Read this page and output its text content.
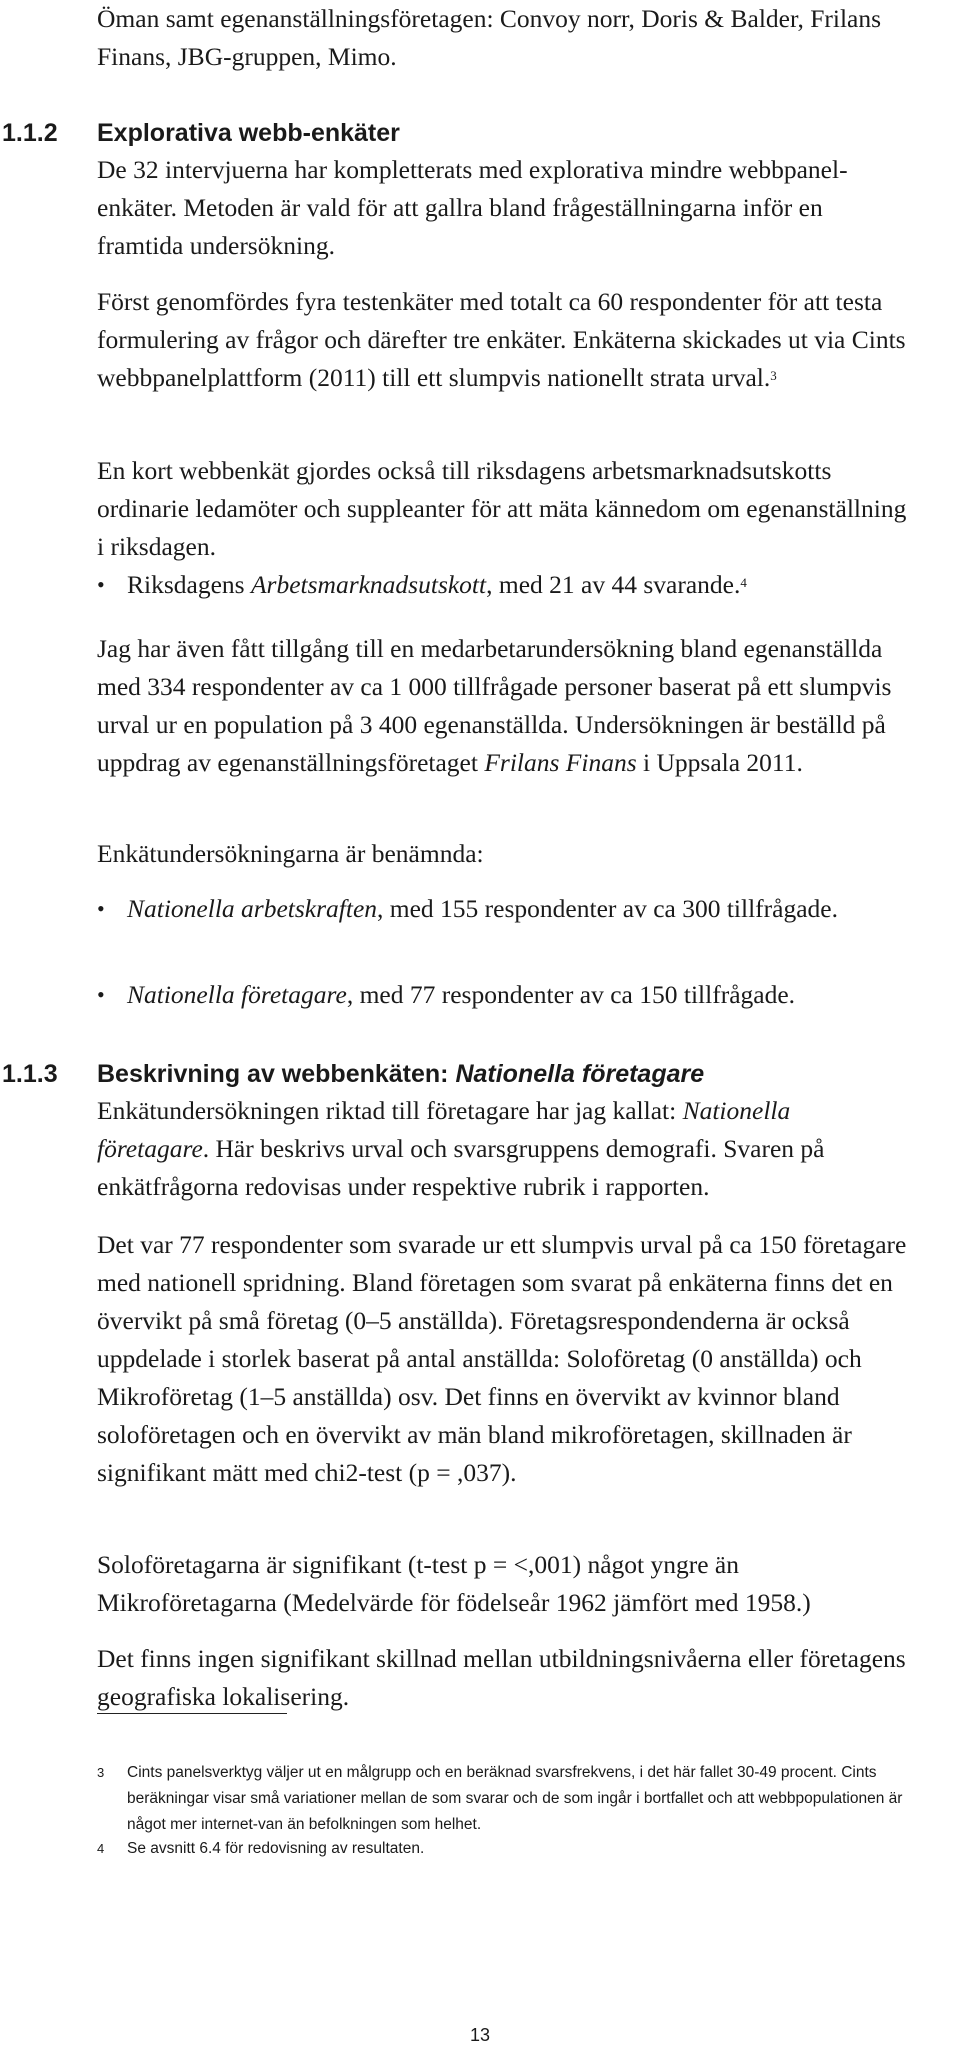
Öman samt egenanställningsföretagen: Convoy norr, Doris & Balder, Frilans Finans, JBG-gruppen, Mimo.

1.1.2 Explorativa webb-enkäter

De 32 intervjuerna har kompletterats med explorativa mindre webbpanel-enkäter. Metoden är vald för att gallra bland frågeställningarna inför en framtida undersökning.

Först genomfördes fyra testenkäter med totalt ca 60 respondenter för att testa formulering av frågor och därefter tre enkäter. Enkäterna skickades ut via Cints webbpanelplattform (2011) till ett slumpvis nationellt strata urval.$^3$

En kort webbenkät gjordes också till riksdagens arbetsmarknadsutskotts ordinarie ledamöter och suppleanter för att mäta kännedom om egenanställning i riksdagen.

• Riksdagens Arbetsmarknadsutskott, med 21 av 44 svarande.$^4$

Jag har även fått tillgång till en medarbetarundersökning bland egenanställda med 334 respondenter av ca 1 000 tillfrågade personer baserat på ett slumpvis urval ur en population på 3 400 egenanställda. Undersökningen är beställd på uppdrag av egenanställningsföretaget Frilans Finans i Uppsala 2011.

Enkätundersökningarna är benämnda:

• Nationella arbetskraften, med 155 respondenter av ca 300 tillfrågade.
• Nationella företagare, med 77 respondenter av ca 150 tillfrågade.
1.1.3 Beskrivning av webbenkäten: Nationella företagare

Enkätundersökningen riktad till företagare har jag kallat: Nationella företagare. Här beskrivs urval och svarsgruppens demografi. Svaren på enkätfrågorna redovisas under respektive rubrik i rapporten.

Det var 77 respondenter som svarade ur ett slumpvis urval på ca 150 företagare med nationell spridning. Bland företagen som svarat på enkäterna finns det en övervikt på små företag (0–5 anställda). Företagsrespondenderna är också uppdelade i storlek baserat på antal anställda: Soloföretag (0 anställda) och Mikroföretag (1–5 anställda) osv. Det finns en övervikt av kvinnor bland soloföretagen och en övervikt av män bland mikroföretagen, skillnaden är signifikant mätt med chi2-test (p = ,037).

Soloföretagarna är signifikant (t-test p = <,001) något yngre än Mikroföretagarna (Medelvärde för födelseår 1962 jämfört med 1958.)

Det finns ingen signifikant skillnad mellan utbildningsnivåerna eller företagens geografiska lokalisering.

3 Cints panelsverktyg väljer ut en målgrupp och en beräknad svarsfrekvens, i det här fallet 30-49 procent. Cints beräkningar visar små variationer mellan de som svarar och de som ingår i bortfallet och att webbpopulationen är något mer internet-van än befolkningen som helhet.
4 Se avsnitt 6.4 för redovisning av resultaten.
13
